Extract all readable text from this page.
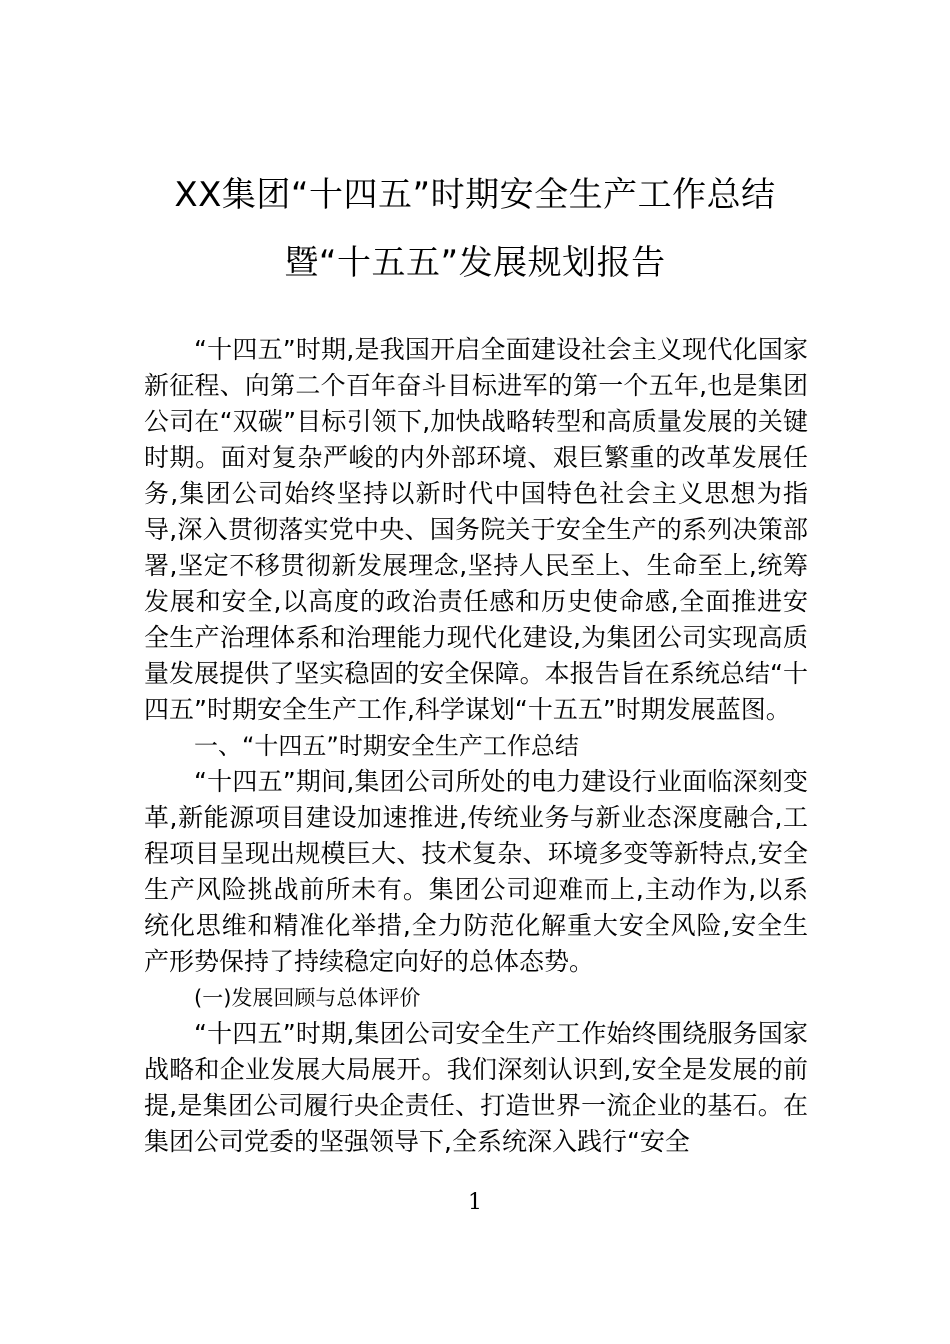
XX集团“十四五”时期安全生产工作总结
暨“十五五”发展规划报告

“十四五”时期,是我国开启全面建设社会主义现代化国家新征程、向第二个百年奋斗目标进军的第一个五年,也是集团公司在“双碳”目标引领下,加快战略转型和高质量发展的关键时期。面对复杂严峻的内外部环境、艰巨繁重的改革发展任务,集团公司始终坚持以新时代中国特色社会主义思想为指导,深入贯彻落实党中央、国务院关于安全生产的系列决策部署,坚定不移贯彻新发展理念,坚持人民至上、生命至上,统筹发展和安全,以高度的政治责任感和历史使命感,全面推进安全生产治理体系和治理能力现代化建设,为集团公司实现高质量发展提供了坚实稳固的安全保障。本报告旨在系统总结“十四五”时期安全生产工作,科学谋划“十五五”时期发展蓝图。

一、“十四五”时期安全生产工作总结

“十四五”期间,集团公司所处的电力建设行业面临深刻变革,新能源项目建设加速推进,传统业务与新业态深度融合,工程项目呈现出规模巨大、技术复杂、环境多变等新特点,安全生产风险挑战前所未有。集团公司迎难而上,主动作为,以系统化思维和精准化举措,全力防范化解重大安全风险,安全生产形势保持了持续稳定向好的总体态势。

(一)发展回顾与总体评价

“十四五”时期,集团公司安全生产工作始终围绕服务国家战略和企业发展大局展开。我们深刻认识到,安全是发展的前提,是集团公司履行央企责任、打造世界一流企业的基石。在集团公司党委的坚强领导下,全系统深入践行“安全

1
